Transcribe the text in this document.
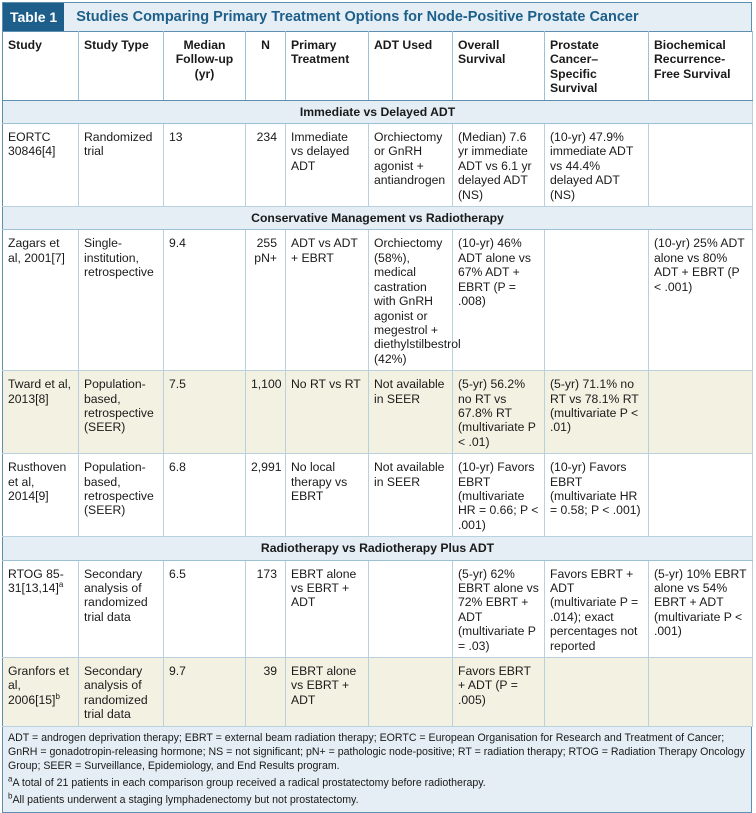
Table 1	Studies Comparing Primary Treatment Options for Node-Positive Prostate Cancer
Study	Study Type	Median Follow-up (yr)	N	Primary Treatment	ADT Used	Overall Survival	Prostate Cancer–Specific Survival	Biochemical Recurrence-Free Survival
Immediate vs Delayed ADT								
EORTC 30846[4]	Randomized trial	13	234	Immediate vs delayed ADT	Orchiectomy or GnRH agonist + antiandrogen	(Median) 7.6 yr immediate ADT vs 6.1 yr delayed ADT (NS)	(10-yr) 47.9% immediate ADT vs 44.4% delayed ADT (NS)	
Conservative Management vs Radiotherapy								
Zagars et al, 2001[7]	Single-institution, retrospective	9.4	255 pN+	ADT vs ADT + EBRT	Orchiectomy (58%), medical castration with GnRH agonist or megestrol + diethylstilbestrol (42%)	(10-yr) 46% ADT alone vs 67% ADT + EBRT (P = .008)		(10-yr) 25% ADT alone vs 80% ADT + EBRT (P < .001)
Tward et al, 2013[8]	Population-based, retrospective (SEER)	7.5	1,100	No RT vs RT	Not available in SEER	(5-yr) 56.2% no RT vs 67.8% RT (multivariate P < .01)	(5-yr) 71.1% no RT vs 78.1% RT (multivariate P < .01)	
Rusthoven et al, 2014[9]	Population-based, retrospective (SEER)	6.8	2,991	No local therapy vs EBRT	Not available in SEER	(10-yr) Favors EBRT (multivariate HR = 0.66; P < .001)	(10-yr) Favors EBRT (multivariate HR = 0.58; P < .001)	
Radiotherapy vs Radiotherapy Plus ADT								
RTOG $85-31[13,14]^a$	Secondary analysis of randomized trial data	6.5	173	EBRT alone vs EBRT + ADT		(5-yr) 62% EBRT alone vs 72% EBRT + ADT (multivariate P = .03)	Favors EBRT + ADT (multivariate P = .014); exact percentages not reported	(5-yr) 10% EBRT alone vs 54% EBRT + ADT (multivariate P < .001)
Granfors et al, $2006[15]^b$	Secondary analysis of randomized trial data	9.7	39	EBRT alone vs EBRT + ADT		Favors EBRT + ADT (P = .005)		

ADT = androgen deprivation therapy; EBRT = external beam radiation therapy; EORTC = European Organisation for Research and Treatment of Cancer; GnRH = gonadotropin-releasing hormone; NS = not significant; pN+ = pathologic node-positive; RT = radiation therapy; RTOG = Radiation Therapy Oncology Group; SEER = Surveillance, Epidemiology, and End Results program.

$^a$A total of 21 patients in each comparison group received a radical prostatectomy before radiotherapy.

$^b$All patients underwent a staging lymphadenectomy but not prostatectomy.
